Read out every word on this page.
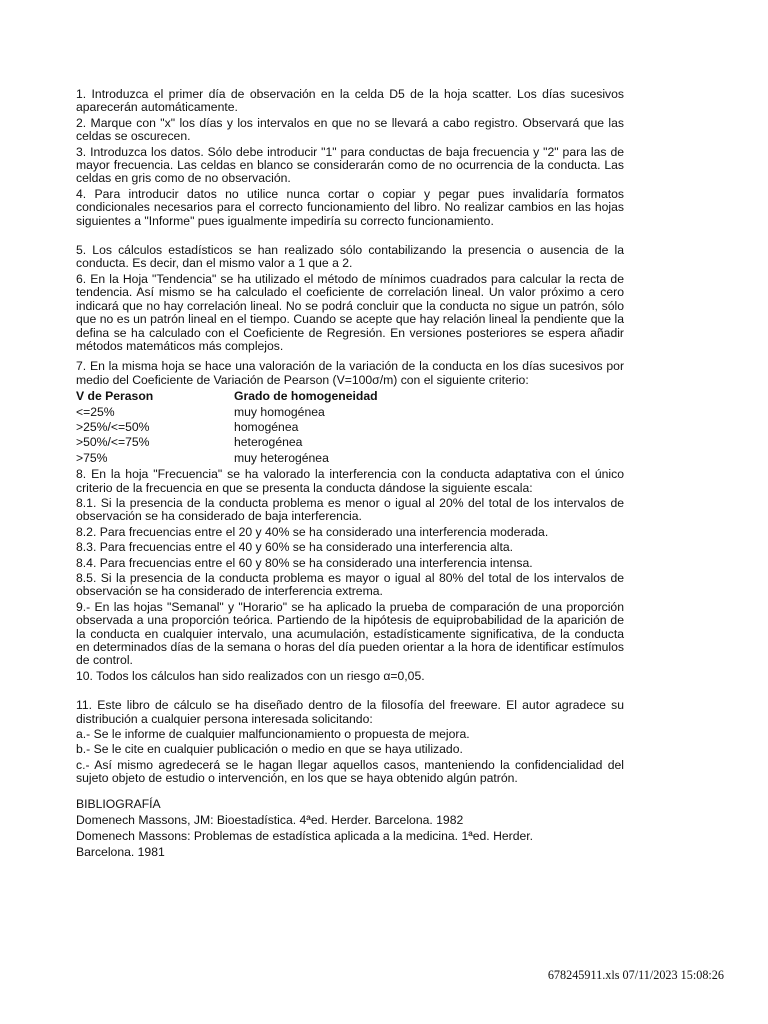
1. Introduzca el primer día de observación en la celda D5 de la hoja scatter. Los días sucesivos aparecerán automáticamente.
2. Marque con "x" los días y los intervalos en que no se llevará a cabo registro. Observará que las celdas se oscurecen.
3. Introduzca los datos. Sólo debe introducir "1" para conductas de baja frecuencia y "2" para las de mayor frecuencia. Las celdas en blanco se considerarán como de no ocurrencia de la conducta. Las celdas en gris como de no observación.
4. Para introducir datos no utilice nunca cortar o copiar y pegar pues invalidaría formatos condicionales necesarios para el correcto funcionamiento del libro. No realizar cambios en las hojas siguientes a "Informe" pues igualmente impediría su correcto funcionamiento.
5. Los cálculos estadísticos se han realizado sólo contabilizando la presencia o ausencia de la conducta. Es decir, dan el mismo valor a 1 que a 2.
6. En la Hoja "Tendencia" se ha utilizado el método de mínimos cuadrados para calcular la recta de tendencia. Así mismo se ha calculado el coeficiente de correlación lineal. Un valor próximo a cero indicará que no hay correlación lineal. No se podrá concluir que la conducta no sigue un patrón, sólo que no es un patrón lineal en el tiempo. Cuando se acepte que hay relación lineal la pendiente que la defina se ha calculado con el Coeficiente de Regresión. En versiones posteriores se espera añadir métodos matemáticos más complejos.
7. En la misma hoja se hace una valoración de la variación de la conducta en los días sucesivos por medio del Coeficiente de Variación de Pearson (V=100σ/m) con el siguiente criterio:
V de Perason	Grado de homogeneidad
<=25%	muy homogénea
>25%/<=50%	homogénea
>50%/<=75%	heterogénea
>75%	muy heterogénea
8. En la hoja "Frecuencia" se ha valorado la interferencia con la conducta adaptativa con el único criterio de la frecuencia en que se presenta la conducta dándose la siguiente escala:
8.1. Si la presencia de la conducta problema es menor o igual al 20% del total de los intervalos de observación se ha considerado de baja interferencia.
8.2. Para frecuencias entre el 20 y 40% se ha considerado una interferencia moderada.
8.3. Para frecuencias entre el 40 y 60% se ha considerado una interferencia alta.
8.4. Para frecuencias entre el 60 y 80% se ha considerado una interferencia intensa.
8.5. Si la presencia de la conducta problema es mayor o igual al 80% del total de los intervalos de observación se ha considerado de interferencia extrema.
9.- En las hojas "Semanal" y "Horario" se ha aplicado la prueba de comparación de una proporción observada a una proporción teórica. Partiendo de la hipótesis de equiprobabilidad de la aparición de la conducta en cualquier intervalo, una acumulación, estadísticamente significativa, de la conducta en determinados días de la semana o horas del día pueden orientar a la hora de identificar estímulos de control.
10. Todos los cálculos han sido realizados con un riesgo α=0,05.
11. Este libro de cálculo se ha diseñado dentro de la filosofía del freeware. El autor agradece su distribución a cualquier persona interesada solicitando:
a.- Se le informe de cualquier malfuncionamiento o propuesta de mejora.
b.- Se le cite en cualquier publicación o medio en que se haya utilizado.
c.- Así mismo agredecerá se le hagan llegar aquellos casos, manteniendo la confidencialidad del sujeto objeto de estudio o intervención, en los que se haya obtenido algún patrón.
BIBLIOGRAFÍA
Domenech Massons, JM: Bioestadística. 4ªed. Herder. Barcelona. 1982
Domenech Massons: Problemas de estadística aplicada a la medicina. 1ªed. Herder.
Barcelona. 1981
678245911.xls 07/11/2023 15:08:26
